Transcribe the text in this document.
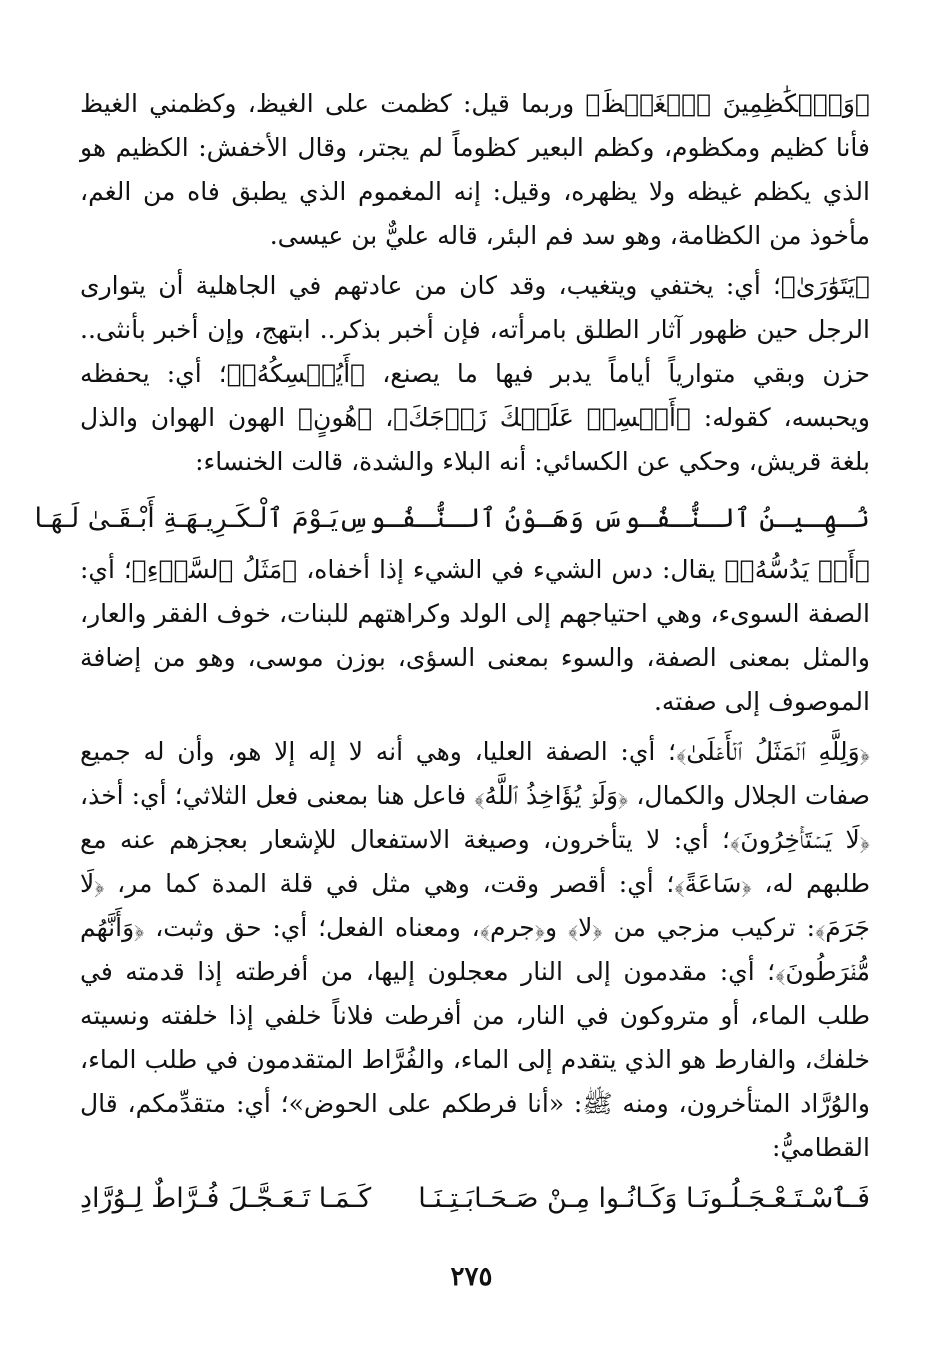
﴿وَٱلۡكَٰظِمِينَ ٱلۡغَيۡظَ﴾ وربما قيل: كظمت على الغيظ، وكظمني الغيظ فأنا كظيم ومكظوم، وكظم البعير كظوماً لم يجتر، وقال الأخفش: الكظيم هو الذي يكظم غيظه ولا يظهره، وقيل: إنه المغموم الذي يطبق فاه من الغم، مأخوذ من الكظامة، وهو سد فم البئر، قاله عليٌّ بن عيسى.

﴿يَتَوَٰرَىٰ﴾؛ أي: يختفي ويتغيب، وقد كان من عادتهم في الجاهلية أن يتوارى الرجل حين ظهور آثار الطلق بامرأته، فإن أخبر بذكر.. ابتهج، وإن أخبر بأنثى.. حزن وبقي متوارياً أياماً يدبر فيها ما يصنع، ﴿أَيُمۡسِكُهُۥ﴾؛ أي: يحفظه ويحبسه، كقوله: ﴿أَمۡسِكۡ عَلَيۡكَ زَوۡجَكَ﴾، ﴿هُونٍ﴾ الهون الهوان والذل بلغة قريش، وحكي عن الكسائي: أنه البلاء والشدة، قالت الخنساء:

نُـهِـيـنُ ٱلـنُّـفُـوسَ وَهَـوْنُ ٱلـنُّـفُـوسِ
يَـوْمَ ٱلْـكَـرِيـهَـةِ أَبْـقَـىٰ لَـهَـا

﴿أَمۡ يَدُسُّهُۥ﴾ يقال: دس الشيء في الشيء إذا أخفاه، ﴿مَثَلُ ٱلسَّوۡءِ﴾؛ أي: الصفة السوىء، وهي احتياجهم إلى الولد وكراهتهم للبنات، خوف الفقر والعار، والمثل بمعنى الصفة، والسوء بمعنى السؤى، بوزن موسى، وهو من إضافة الموصوف إلى صفته.

﴿وَلِلَّهِ ٱلۡمَثَلُ ٱلۡأَعۡلَىٰ﴾؛ أي: الصفة العليا، وهي أنه لا إله إلا هو، وأن له جميع صفات الجلال والكمال، ﴿وَلَوۡ يُؤَاخِذُ ٱللَّهُ﴾ فاعل هنا بمعنى فعل الثلاثي؛ أي: أخذ، ﴿لَا يَسۡتَأۡخِرُونَ﴾؛ أي: لا يتأخرون، وصيغة الاستفعال للإشعار بعجزهم عنه مع طلبهم له، ﴿سَاعَةً﴾؛ أي: أقصر وقت، وهي مثل في قلة المدة كما مر، ﴿لَا جَرَمَ﴾: تركيب مزجي من ﴿لا﴾ و﴿جرم﴾، ومعناه الفعل؛ أي: حق وثبت، ﴿وَأَنَّهُم مُّفۡرَطُونَ﴾؛ أي: مقدمون إلى النار معجلون إليها، من أفرطته إذا قدمته في طلب الماء، أو متروكون في النار، من أفرطت فلاناً خلفي إذا خلفته ونسيته خلفك، والفارط هو الذي يتقدم إلى الماء، والفُرَّاط المتقدمون في طلب الماء، والوُرَّاد المتأخرون، ومنه ﷺ: «أنا فرطكم على الحوض»؛ أي: متقدِّمكم، قال القطاميُّ:

فَـٱسْـتَـعْـجَـلُـونَـا وَكَـانُـوا مِـنْ صَـحَـابَـتِـنَـا
كَـمَـا تَـعَـجَّـلَ فُـرَّاطٌ لِـوُرَّادِ
٢٧٥
